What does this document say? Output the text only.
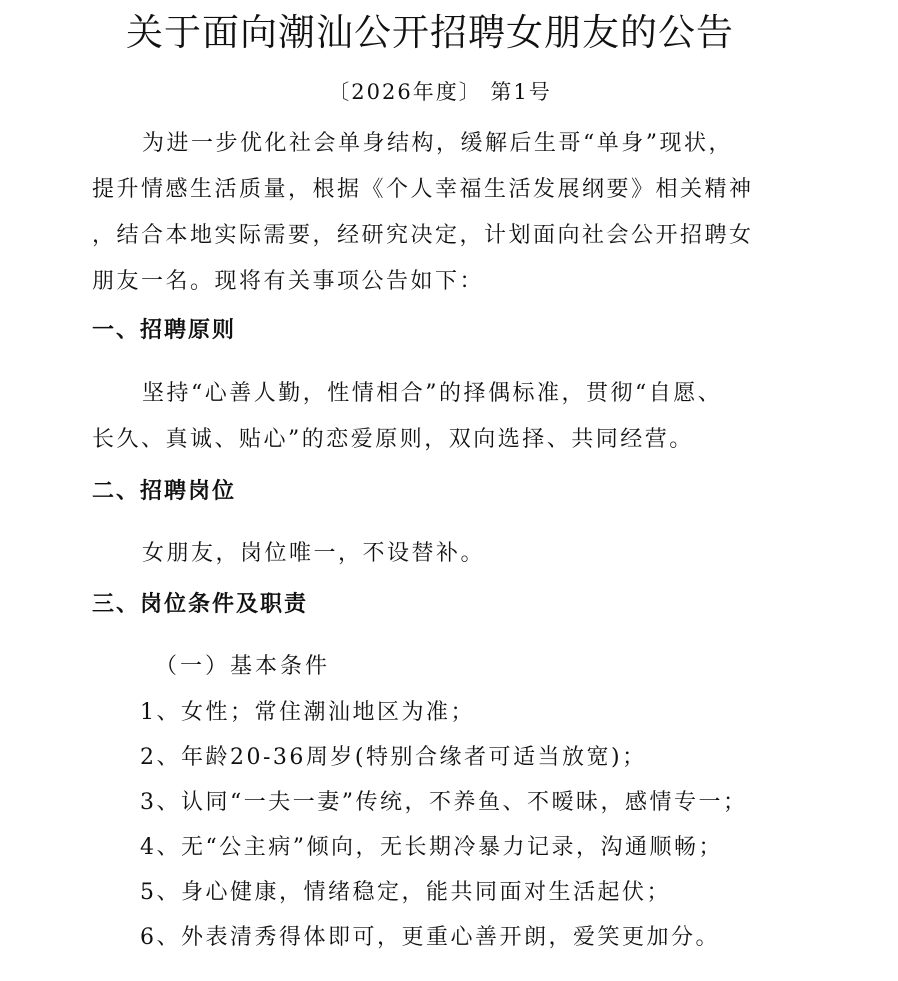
关于面向潮汕公开招聘女朋友的公告
〔2026年度〕 第1号
为进一步优化社会单身结构，缓解后生哥“单身”现状，
提升情感生活质量，根据《个人幸福生活发展纲要》相关精神
，结合本地实际需要，经研究决定，计划面向社会公开招聘女
朋友一名。现将有关事项公告如下：
一、招聘原则
坚持“心善人勤，性情相合”的择偶标准，贯彻“自愿、
长久、真诚、贴心”的恋爱原则，双向选择、共同经营。
二、招聘岗位
女朋友，岗位唯一，不设替补。
三、岗位条件及职责
（一）基本条件
1、女性；常住潮汕地区为准；
2、年龄20-36周岁(特别合缘者可适当放宽)；
3、认同“一夫一妻”传统，不养鱼、不暧昧，感情专一；
4、无“公主病”倾向，无长期冷暴力记录，沟通顺畅；
5、身心健康，情绪稳定，能共同面对生活起伏；
6、外表清秀得体即可，更重心善开朗，爱笑更加分。
